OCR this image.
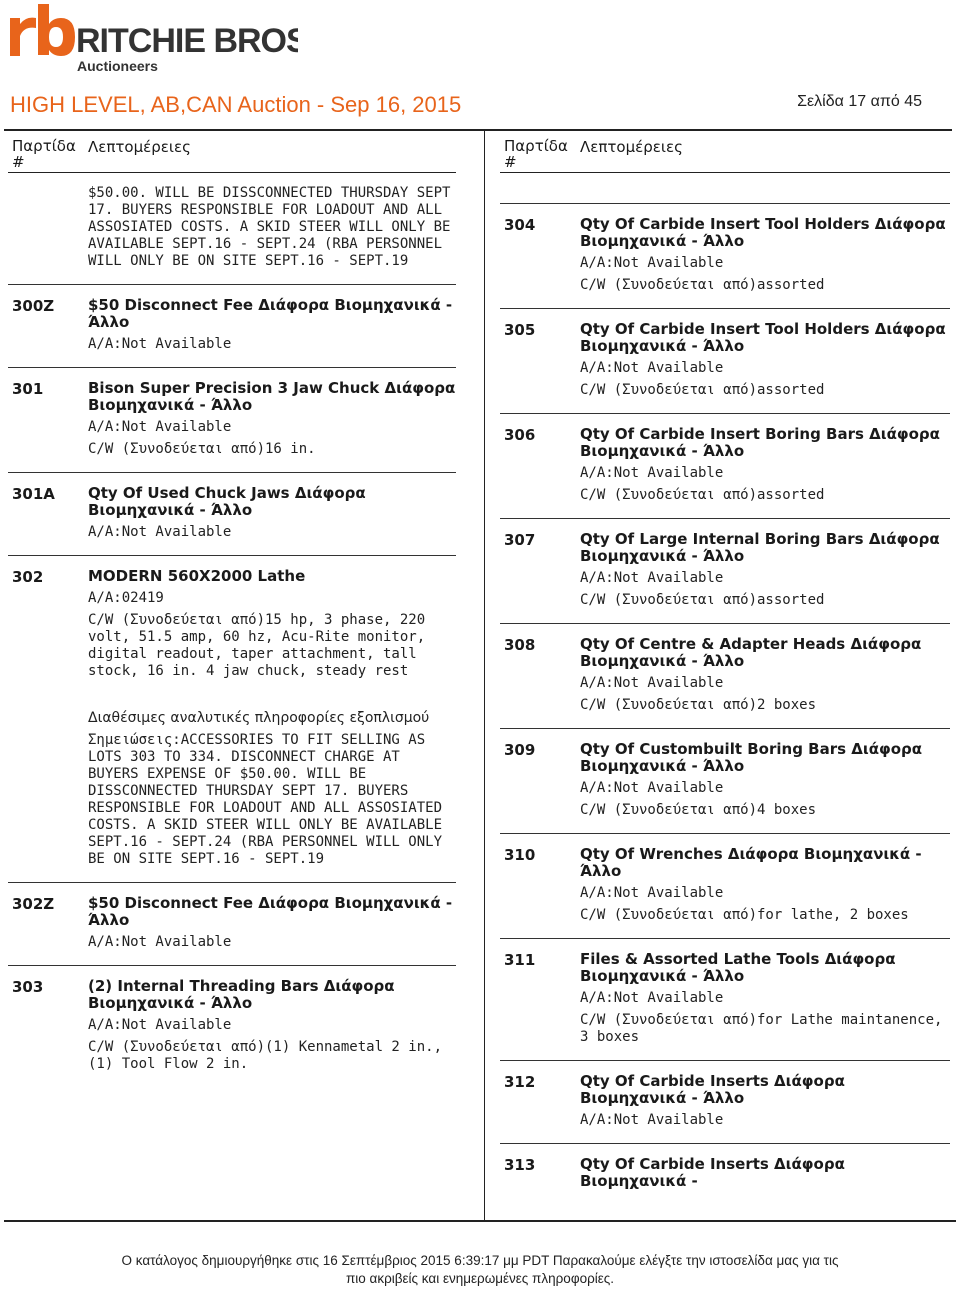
RITCHIE BROS.
Auctioneers
HIGH LEVEL, AB,CAN Auction - Sep 16, 2015	Σελίδα 17 από 45
Παρτίδα
#
Λεπτομέρειες
$50.00. WILL BE DISSCONNECTED THURSDAY SEPT 17. BUYERS RESPONSIBLE FOR LOADOUT AND ALL ASSOSIATED COSTS. A SKID STEER WILL ONLY BE AVAILABLE SEPT.16 - SEPT.24 (RBA PERSONNEL WILL ONLY BE ON SITE SEPT.16 - SEPT.19
300Z $50 Disconnect Fee Διάφορα Βιομηχανικά - Άλλο
A/A:Not Available
301	Bison Super Precision 3 Jaw Chuck Διάφορα Βιομηχανικά - Άλλο
A/A:Not Available
C/W (Συνοδεύεται από)16 in.
301A Qty Of Used Chuck Jaws Διάφορα Βιομηχανικά - Άλλο
A/A:Not Available
302	MODERN 560X2000 Lathe
A/A:02419
C/W (Συνοδεύεται από)15 hp, 3 phase, 220 volt, 51.5 amp, 60 hz, Acu-Rite monitor, digital readout, taper attachment, tall stock, 16 in. 4 jaw chuck, steady rest
Διαθέσιμες αναλυτικές πληροφορίες εξοπλισμού
Σημειώσεις:ACCESSORIES TO FIT SELLING AS LOTS 303 TO 334. DISCONNECT CHARGE AT BUYERS EXPENSE OF $50.00. WILL BE DISSCONNECTED THURSDAY SEPT 17. BUYERS RESPONSIBLE FOR LOADOUT AND ALL ASSOSIATED COSTS. A SKID STEER WILL ONLY BE AVAILABLE SEPT.16 - SEPT.24 (RBA PERSONNEL WILL ONLY BE ON SITE SEPT.16 - SEPT.19
302Z $50 Disconnect Fee Διάφορα Βιομηχανικά - Άλλο
A/A:Not Available
303	(2) Internal Threading Bars Διάφορα Βιομηχανικά - Άλλο
A/A:Not Available
C/W (Συνοδεύεται από)(1) Kennametal 2 in., (1) Tool Flow 2 in.
Παρτίδα
#
Λεπτομέρειες
304	Qty Of Carbide Insert Tool Holders Διάφορα Βιομηχανικά - Άλλο
A/A:Not Available
C/W (Συνοδεύεται από)assorted
305	Qty Of Carbide Insert Tool Holders Διάφορα Βιομηχανικά - Άλλο
A/A:Not Available
C/W (Συνοδεύεται από)assorted
306	Qty Of Carbide Insert Boring Bars Διάφορα Βιομηχανικά - Άλλο
A/A:Not Available
C/W (Συνοδεύεται από)assorted
307	Qty Of Large Internal Boring Bars Διάφορα Βιομηχανικά - Άλλο
A/A:Not Available
C/W (Συνοδεύεται από)assorted
308	Qty Of Centre & Adapter Heads Διάφορα Βιομηχανικά - Άλλο
A/A:Not Available
C/W (Συνοδεύεται από)2 boxes
309	Qty Of Custombuilt Boring Bars Διάφορα Βιομηχανικά - Άλλο
A/A:Not Available
C/W (Συνοδεύεται από)4 boxes
310	Qty Of Wrenches Διάφορα Βιομηχανικά - Άλλο
A/A:Not Available
C/W (Συνοδεύεται από)for lathe, 2 boxes
311	Files & Assorted Lathe Tools Διάφορα Βιομηχανικά - Άλλο
A/A:Not Available
C/W (Συνοδεύεται από)for Lathe maintanence, 3 boxes
312	Qty Of Carbide Inserts Διάφορα Βιομηχανικά - Άλλο
A/A:Not Available
313	Qty Of Carbide Inserts Διάφορα Βιομηχανικά -
Ο κατάλογος δημιουργήθηκε στις 16 Σεπτέμβριος 2015 6:39:17 μμ PDT Παρακαλούμε ελέγξτε την ιστοσελίδα μας για τις
πιο ακριβείς και ενημερωμένες πληροφορίες.
